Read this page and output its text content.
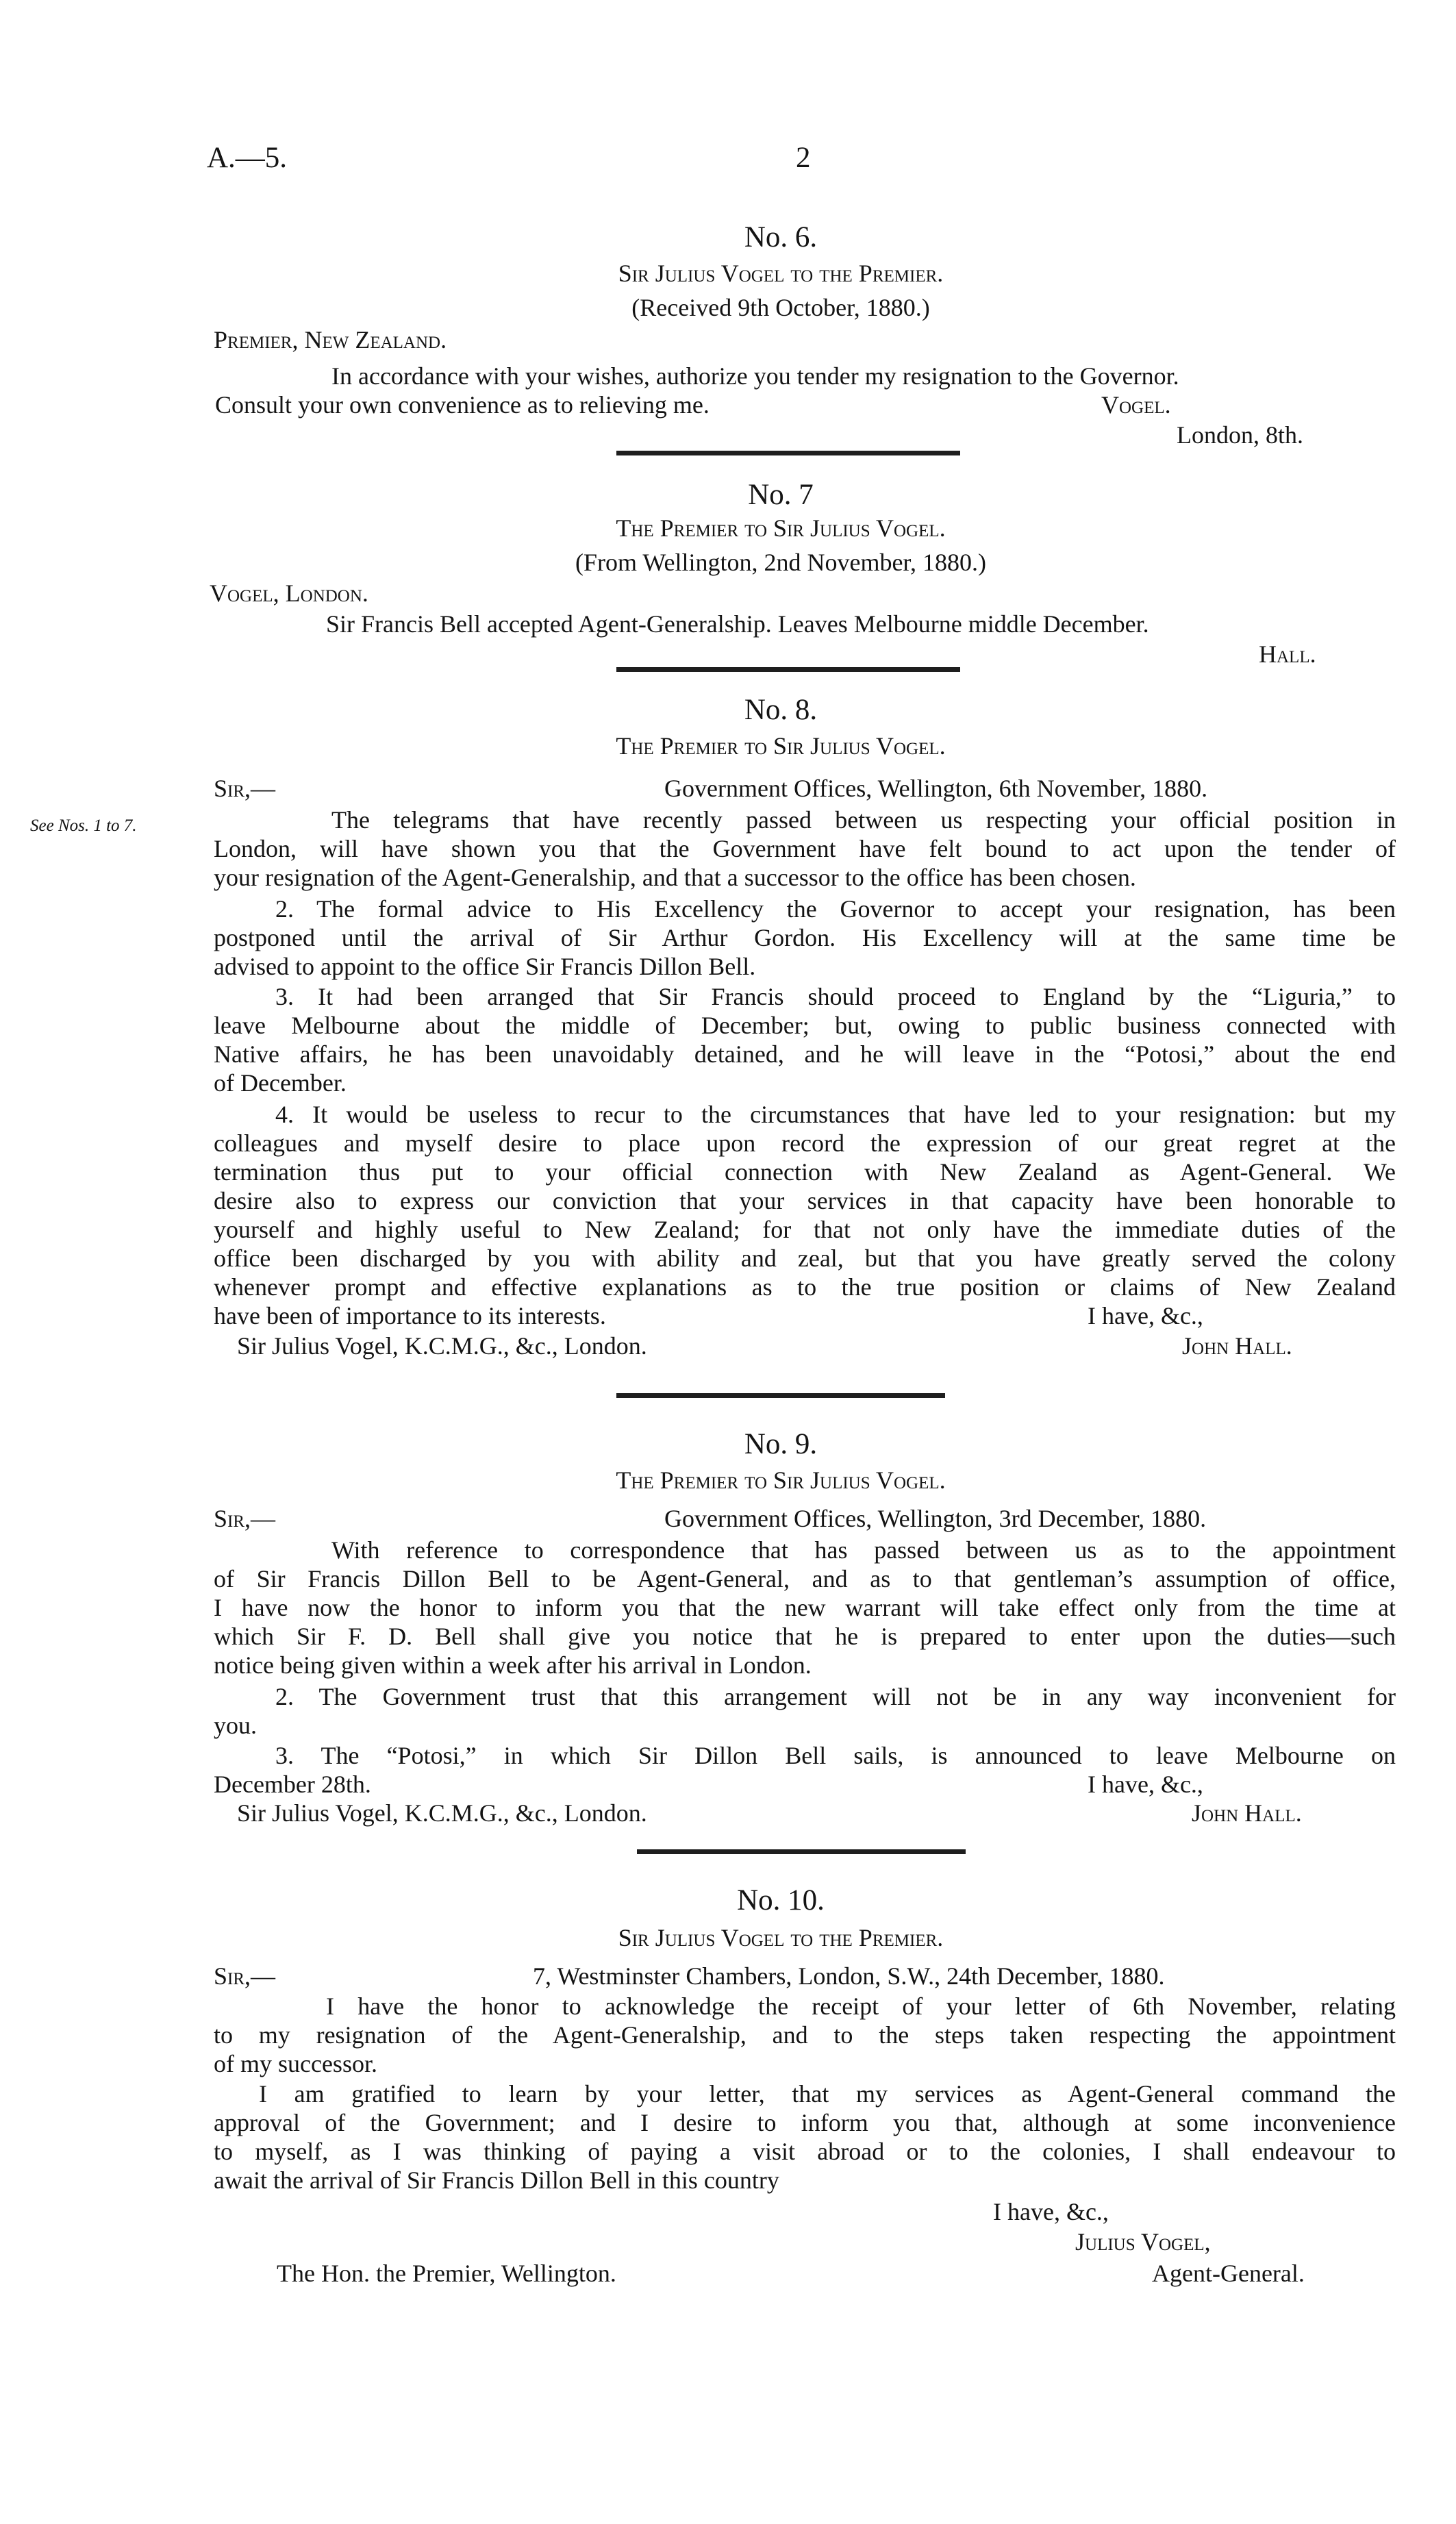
A.—5.	2
No. 6.
Sir Julius Vogel to the Premier.
(Received 9th October, 1880.)
Premier, New Zealand.
In accordance with your wishes, authorize you tender my resignation to the Governor.
Consult your own convenience as to relieving me.	Vogel.
London, 8th.
No. 7
The Premier to Sir Julius Vogel.
(From Wellington, 2nd November, 1880.)
Vogel, London.
Sir Francis Bell accepted Agent-Generalship. Leaves Melbourne middle December.
Hall.
No. 8.
The Premier to Sir Julius Vogel.
See Nos. 1 to 7.
Sir,—	Government Offices, Wellington, 6th November, 1880.
The telegrams that have recently passed between us respecting your official position in
London, will have shown you that the Government have felt bound to act upon the tender of
your resignation of the Agent-Generalship, and that a successor to the office has been chosen.
2. The formal advice to His Excellency the Governor to accept your resignation, has been
postponed until the arrival of Sir Arthur Gordon. His Excellency will at the same time be
advised to appoint to the office Sir Francis Dillon Bell.
3. It had been arranged that Sir Francis should proceed to England by the “Liguria,” to
leave Melbourne about the middle of December; but, owing to public business connected with
Native affairs, he has been unavoidably detained, and he will leave in the “Potosi,” about the end
of December.
4. It would be useless to recur to the circumstances that have led to your resignation: but my
colleagues and myself desire to place upon record the expression of our great regret at the
termination thus put to your official connection with New Zealand as Agent-General. We
desire also to express our conviction that your services in that capacity have been honorable to
yourself and highly useful to New Zealand; for that not only have the immediate duties of the
office been discharged by you with ability and zeal, but that you have greatly served the colony
whenever prompt and effective explanations as to the true position or claims of New Zealand
have been of importance to its interests.	I have, &c.,
Sir Julius Vogel, K.C.M.G., &c., London.	John Hall.
No. 9.
The Premier to Sir Julius Vogel.
Sir,—	Government Offices, Wellington, 3rd December, 1880.
With reference to correspondence that has passed between us as to the appointment
of Sir Francis Dillon Bell to be Agent-General, and as to that gentleman’s assumption of office,
I have now the honor to inform you that the new warrant will take effect only from the time at
which Sir F. D. Bell shall give you notice that he is prepared to enter upon the duties—such
notice being given within a week after his arrival in London.
2. The Government trust that this arrangement will not be in any way inconvenient for
you.
3. The “Potosi,” in which Sir Dillon Bell sails, is announced to leave Melbourne on
December 28th.	I have, &c.,
Sir Julius Vogel, K.C.M.G., &c., London.	John Hall.
No. 10.
Sir Julius Vogel to the Premier.
Sir,—	7, Westminster Chambers, London, S.W., 24th December, 1880.
I have the honor to acknowledge the receipt of your letter of 6th November, relating
to my resignation of the Agent-Generalship, and to the steps taken respecting the appointment
of my successor.
I am gratified to learn by your letter, that my services as Agent-General command the
approval of the Government; and I desire to inform you that, although at some inconvenience
to myself, as I was thinking of paying a visit abroad or to the colonies, I shall endeavour to
await the arrival of Sir Francis Dillon Bell in this country
I have, &c.,
Julius Vogel,
The Hon. the Premier, Wellington.	Agent-General.
